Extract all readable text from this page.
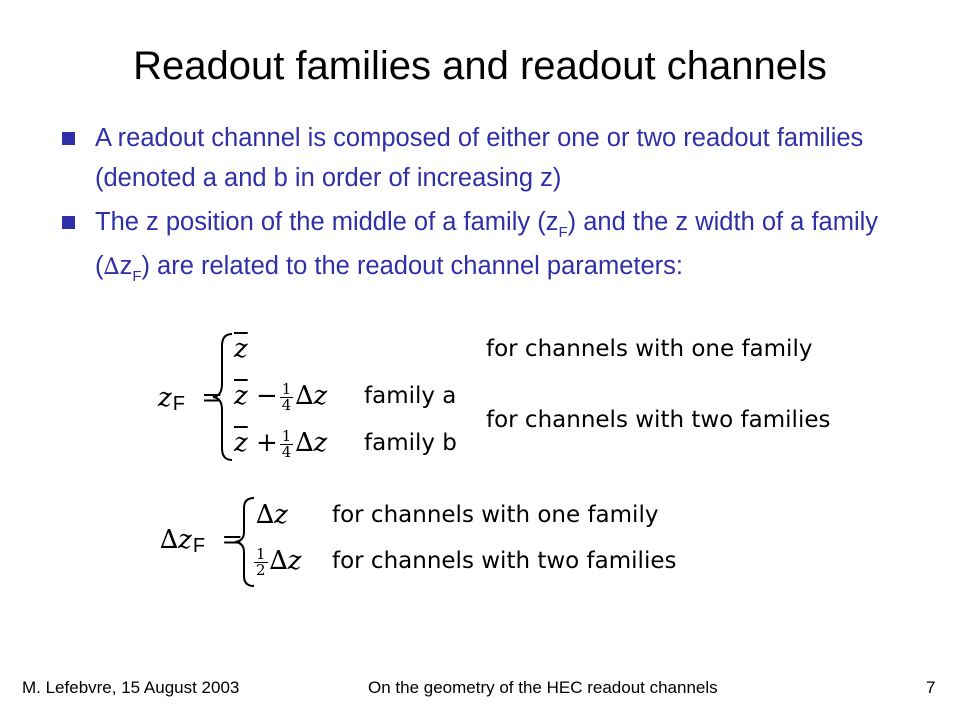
Readout families and readout channels
A readout channel is composed of either one or two readout families (denoted a and b in order of increasing z)
The z position of the middle of a family $(z_F)$ and the z width of a family $(\Delta z_F)$ are related to the readout channel parameters:
zF =
$\overline{z}$
$\overline{z} - \frac{1}{4} \Delta z$ family a
$\overline{z} + \frac{1}{4} \Delta z$ family b
for channels with one family
for channels with two families
∆zF =
∆z
$\frac{1}{2} \Delta z$
for channels with one family
for channels with two families
M. Lefebvre, 15 August 2003	On the geometry of the HEC readout channels	7
